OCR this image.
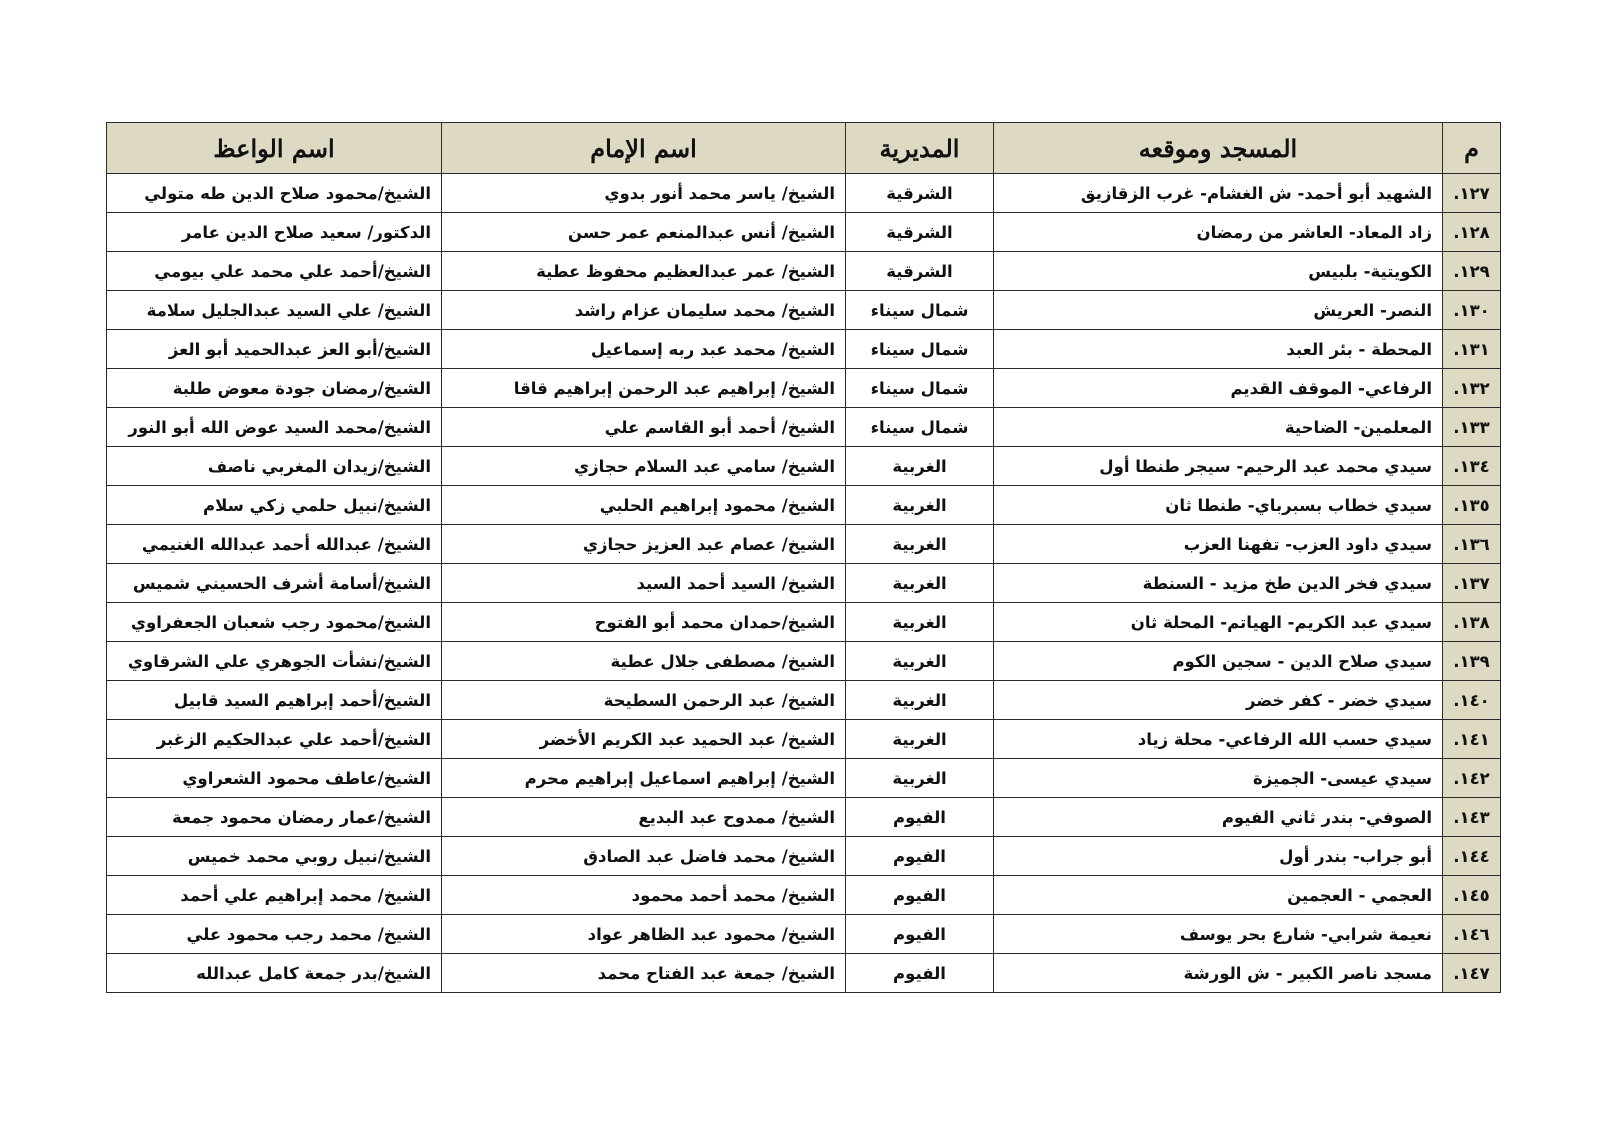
م	المسجد وموقعه	المديرية	اسم الإمام	اسم الواعظ
١٢٧.	الشهيد أبو أحمد- ش الغشام- غرب الزقازيق	الشرقية	الشيخ/ ياسر محمد أنور بدوي	الشيخ/محمود صلاح الدين طه متولي
١٢٨.	زاد المعاد- العاشر من رمضان	الشرقية	الشيخ/ أنس عبدالمنعم عمر حسن	الدكتور/ سعيد صلاح الدين عامر
١٢٩.	الكويتية- بلبيس	الشرقية	الشيخ/ عمر عبدالعظيم محفوظ عطية	الشيخ/أحمد علي محمد علي بيومي
١٣٠.	النصر- العريش	شمال سيناء	الشيخ/ محمد سليمان عزام راشد	الشيخ/ علي السيد عبدالجليل سلامة
١٣١.	المحطة - بئر العبد	شمال سيناء	الشيخ/ محمد عبد ربه إسماعيل	الشيخ/أبو العز عبدالحميد أبو العز
١٣٢.	الرفاعي- الموقف القديم	شمال سيناء	الشيخ/ إبراهيم عبد الرحمن إبراهيم قاقا	الشيخ/رمضان جودة معوض طلبة
١٣٣.	المعلمين- الضاحية	شمال سيناء	الشيخ/ أحمد أبو القاسم علي	الشيخ/محمد السيد عوض الله أبو النور
١٣٤.	سيدي محمد عبد الرحيم- سيجر طنطا أول	الغربية	الشيخ/ سامي عبد السلام حجازي	الشيخ/زيدان المغربي ناصف
١٣٥.	سيدي خطاب بسبرباي- طنطا ثان	الغربية	الشيخ/ محمود إبراهيم الحلبي	الشيخ/نبيل حلمي زكي سلام
١٣٦.	سيدي داود العزب- تفهنا العزب	الغربية	الشيخ/ عصام عبد العزيز حجازي	الشيخ/ عبدالله أحمد عبدالله الغنيمي
١٣٧.	سيدي فخر الدين طخ مزيد - السنطة	الغربية	الشيخ/ السيد أحمد السيد	الشيخ/أسامة أشرف الحسيني شميس
١٣٨.	سيدي عبد الكريم- الهياتم- المحلة ثان	الغربية	الشيخ/حمدان محمد أبو الفتوح	الشيخ/محمود رجب شعبان الجعفراوي
١٣٩.	سيدي صلاح الدين - سجين الكوم	الغربية	الشيخ/ مصطفى جلال عطية	الشيخ/نشأت الجوهري علي الشرقاوي
١٤٠.	سيدي خضر - كفر خضر	الغربية	الشيخ/ عبد الرحمن السطيحة	الشيخ/أحمد إبراهيم السيد قابيل
١٤١.	سيدي حسب الله الرفاعي- محلة زياد	الغربية	الشيخ/ عبد الحميد عبد الكريم الأخضر	الشيخ/أحمد علي عبدالحكيم الزغبر
١٤٢.	سيدي عيسى- الجميزة	الغربية	الشيخ/ إبراهيم اسماعيل إبراهيم محرم	الشيخ/عاطف محمود الشعراوي
١٤٣.	الصوفي- بندر ثاني الفيوم	الفيوم	الشيخ/ ممدوح عبد البديع	الشيخ/عمار رمضان محمود جمعة
١٤٤.	أبو جراب- بندر أول	الفيوم	الشيخ/ محمد فاضل عبد الصادق	الشيخ/نبيل روبي محمد خميس
١٤٥.	العجمي - العجمين	الفيوم	الشيخ/ محمد أحمد محمود	الشيخ/ محمد إبراهيم علي أحمد
١٤٦.	نعيمة شرابي- شارع بحر يوسف	الفيوم	الشيخ/ محمود عبد الظاهر عواد	الشيخ/ محمد رجب محمود علي
١٤٧.	مسجد ناصر الكبير - ش الورشة	الفيوم	الشيخ/ جمعة عبد الفتاح محمد	الشيخ/بدر جمعة كامل عبدالله
